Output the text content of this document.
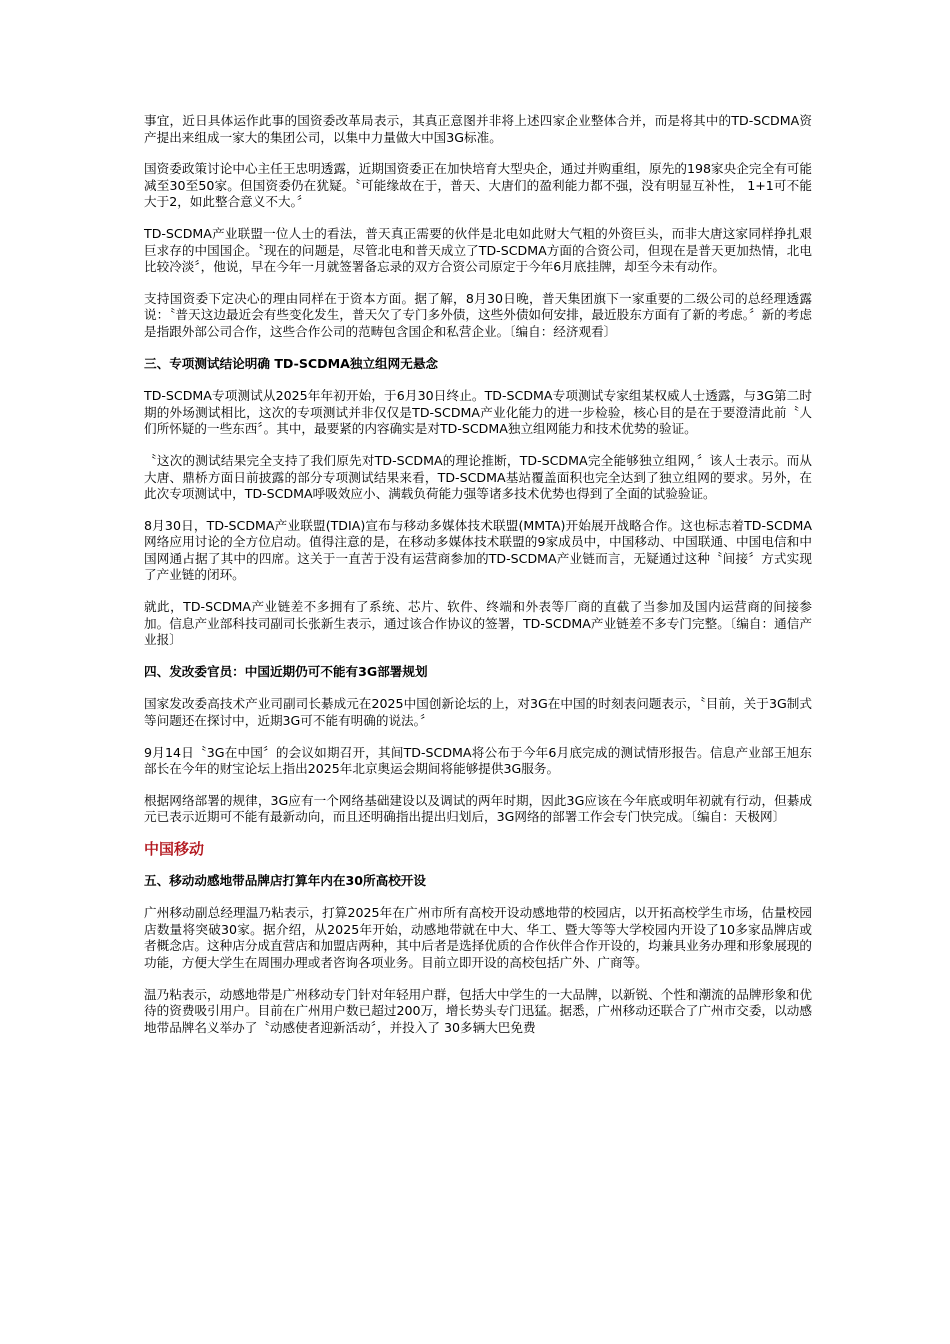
事宜，近日具体运作此事的国资委改革局表示，其真正意图并非将上述四家企业整体合并，而是将其中的TD-SCDMA资产提出来组成一家大的集团公司，以集中力量做大中国3G标准。

国资委政策讨论中心主任王忠明透露，近期国资委正在加快培育大型央企，通过并购重组，原先的198家央企完全有可能减至30至50家。但国资委仍在犹疑。〝可能缘故在于，普天、大唐们的盈利能力都不强，没有明显互补性， 1+1可不能大于2，如此整合意义不大。〞

TD-SCDMA产业联盟一位人士的看法，普天真正需要的伙伴是北电如此财大气粗的外资巨头，而非大唐这家同样挣扎艰巨求存的中国国企。〝现在的问题是，尽管北电和普天成立了TD-SCDMA方面的合资公司，但现在是普天更加热情，北电比较冷淡〞，他说，早在今年一月就签署备忘录的双方合资公司原定于今年6月底挂牌，却至今未有动作。

支持国资委下定决心的理由同样在于资本方面。据了解，8月30日晚，普天集团旗下一家重要的二级公司的总经理透露说：〝普天这边最近会有些变化发生，普天欠了专门多外债，这些外债如何安排，最近股东方面有了新的考虑。〞新的考虑是指跟外部公司合作，这些合作公司的范畴包含国企和私营企业。〔编自：经济观看〕

三、专项测试结论明确 TD-SCDMA独立组网无悬念

TD-SCDMA专项测试从2025年年初开始，于6月30日终止。TD-SCDMA专项测试专家组某权威人士透露，与3G第二时期的外场测试相比，这次的专项测试并非仅仅是TD-SCDMA产业化能力的进一步检验，核心目的是在于要澄清此前〝人们所怀疑的一些东西〞。其中，最要紧的内容确实是对TD-SCDMA独立组网能力和技术优势的验证。

〝这次的测试结果完全支持了我们原先对TD-SCDMA的理论推断，TD-SCDMA完全能够独立组网，〞该人士表示。而从大唐、鼎桥方面日前披露的部分专项测试结果来看，TD-SCDMA基站覆盖面积也完全达到了独立组网的要求。另外，在此次专项测试中，TD-SCDMA呼吸效应小、满载负荷能力强等诸多技术优势也得到了全面的试验验证。

8月30日，TD-SCDMA产业联盟(TDIA)宣布与移动多媒体技术联盟(MMTA)开始展开战略合作。这也标志着TD-SCDMA网络应用讨论的全方位启动。值得注意的是，在移动多媒体技术联盟的9家成员中，中国移动、中国联通、中国电信和中国网通占据了其中的四席。这关于一直苦于没有运营商参加的TD-SCDMA产业链而言，无疑通过这种〝间接〞方式实现了产业链的闭环。

就此，TD-SCDMA产业链差不多拥有了系统、芯片、软件、终端和外表等厂商的直截了当参加及国内运营商的间接参加。信息产业部科技司副司长张新生表示，通过该合作协议的签署，TD-SCDMA产业链差不多专门完整。〔编自：通信产业报〕

四、发改委官员：中国近期仍可不能有3G部署规划

国家发改委高技术产业司副司长綦成元在2025中国创新论坛的上，对3G在中国的时刻表问题表示，〝目前，关于3G制式等问题还在探讨中，近期3G可不能有明确的说法。〞

9月14日〝3G在中国〞的会议如期召开，其间TD-SCDMA将公布于今年6月底完成的测试情形报告。信息产业部王旭东部长在今年的财宝论坛上指出2025年北京奥运会期间将能够提供3G服务。

根据网络部署的规律，3G应有一个网络基础建设以及调试的两年时期，因此3G应该在今年底或明年初就有行动，但綦成元已表示近期可不能有最新动向，而且还明确指出提出归划后，3G网络的部署工作会专门快完成。〔编自：天极网〕

中国移动
五、移动动感地带品牌店打算年内在30所高校开设

广州移动副总经理温乃粘表示，打算2025年在广州市所有高校开设动感地带的校园店，以开拓高校学生市场，估量校园店数量将突破30家。据介绍，从2025年开始，动感地带就在中大、华工、暨大等等大学校园内开设了10多家品牌店或者概念店。这种店分成直营店和加盟店两种，其中后者是选择优质的合作伙伴合作开设的，均兼具业务办理和形象展现的功能，方便大学生在周围办理或者咨询各项业务。目前立即开设的高校包括广外、广商等。

温乃粘表示，动感地带是广州移动专门针对年轻用户群，包括大中学生的一大品牌，以新锐、个性和潮流的品牌形象和优待的资费吸引用户。目前在广州用户数已超过200万，增长势头专门迅猛。据悉，广州移动还联合了广州市交委，以动感地带品牌名义举办了〝动感使者迎新活动〞，并投入了 30多辆大巴免费
